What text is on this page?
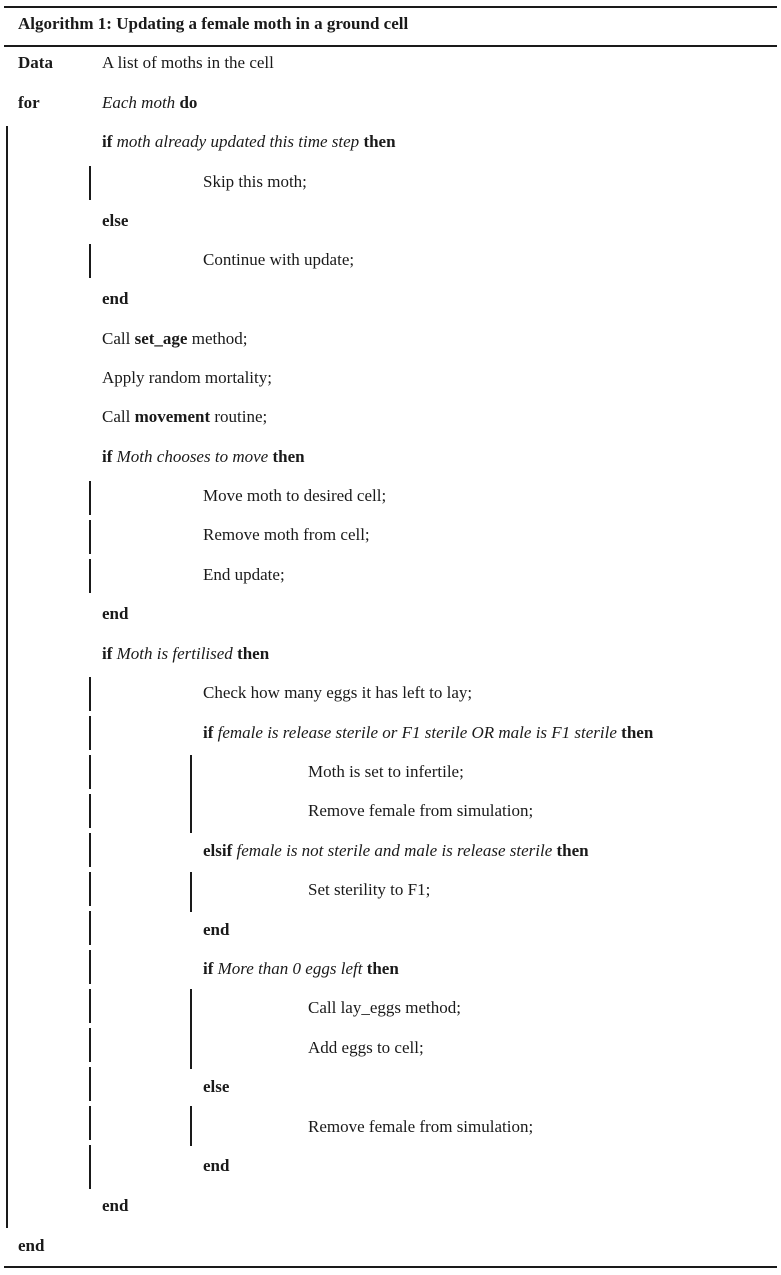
Algorithm 1: Updating a female moth in a ground cell
Data	A list of moths in the cell
for	Each moth do
if moth already updated this time step then
Skip this moth;
else
Continue with update;
end
Call set_age method;
Apply random mortality;
Call movement routine;
if Moth chooses to move then
Move moth to desired cell;
Remove moth from cell;
End update;
end
if Moth is fertilised then
Check how many eggs it has left to lay;
if female is release sterile or F1 sterile OR male is F1 sterile then
Moth is set to infertile;
Remove female from simulation;
elsif female is not sterile and male is release sterile then
Set sterility to F1;
end
if More than 0 eggs left then
Call lay_eggs method;
Add eggs to cell;
else
Remove female from simulation;
end
end
end
